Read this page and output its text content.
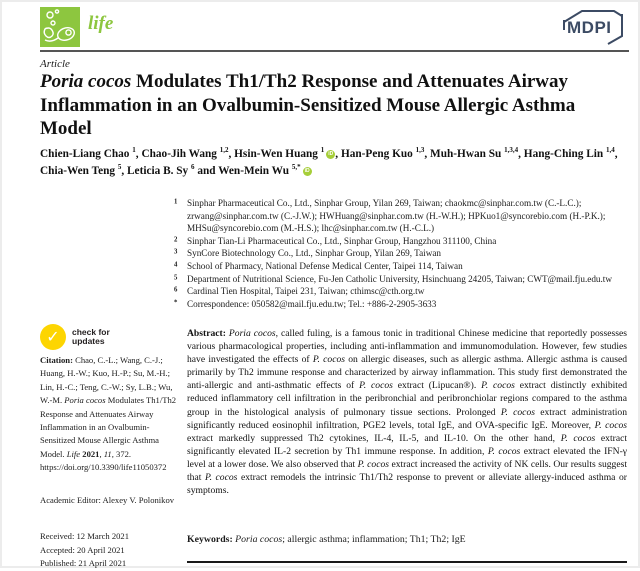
life	MDPI
Article
Poria cocos Modulates Th1/Th2 Response and Attenuates Airway Inflammation in an Ovalbumin-Sensitized Mouse Allergic Asthma Model
Chien-Liang Chao $^1$, Chao-Jih Wang $^{1,2}$, Hsin-Wen Huang $^1$ iD , Han-Peng Kuo $^{1,3}$, Muh-Hwan Su $^{1,3,4}$, Hang-Ching Lin $^{1,4}$, Chia-Wen Teng $^5$, Leticia B. Sy $^6$ and Wen-Mein Wu $^{5,*}$ iD
1	Sinphar Pharmaceutical Co., Ltd., Sinphar Group, Yilan 269, Taiwan; chaokmc@sinphar.com.tw (C.-L.C.); zrwang@sinphar.com.tw (C.-J.W.); HWHuang@sinphar.com.tw (H.-W.H.); HPKuo1@syncorebio.com (H.-P.K.); MHSu@syncorebio.com (M.-H.S.); lhc@sinphar.com.tw (H.-C.L.)
2	Sinphar Tian-Li Pharmaceutical Co., Ltd., Sinphar Group, Hangzhou 311100, China
3	SynCore Biotechnology Co., Ltd., Sinphar Group, Yilan 269, Taiwan
4	School of Pharmacy, National Defense Medical Center, Taipei 114, Taiwan
5	Department of Nutritional Science, Fu-Jen Catholic University, Hsinchuang 24205, Taiwan; CWT@mail.fju.edu.tw
6	Cardinal Tien Hospital, Taipei 231, Taiwan; cthimsc@cth.org.tw
*	Correspondence: 050582@mail.fju.edu.tw; Tel.: +886-2-2905-3633
✓	check for
updates
Citation: Chao, C.-L.; Wang, C.-J.; Huang, H.-W.; Kuo, H.-P.; Su, M.-H.; Lin, H.-C.; Teng, C.-W.; Sy, L.B.; Wu, W.-M. Poria cocos Modulates Th1/Th2 Response and Attenuates Airway Inflammation in an Ovalbumin-Sensitized Mouse Allergic Asthma Model. Life 2021, 11, 372. https://doi.org/10.3390/life11050372
Academic Editor: Alexey V. Polonikov
Received: 12 March 2021
Accepted: 20 April 2021
Published: 21 April 2021
Abstract: Poria cocos, called fuling, is a famous tonic in traditional Chinese medicine that reportedly possesses various pharmacological properties, including anti-inflammation and immunomodulation. However, few studies have investigated the effects of P. cocos on allergic diseases, such as allergic asthma. Allergic asthma is caused primarily by Th2 immune response and characterized by airway inflammation. This study first demonstrated the anti-allergic and anti-asthmatic effects of P. cocos extract (Lipucan®). P. cocos extract distinctly exhibited reduced inflammatory cell infiltration in the peribronchial and peribronchiolar regions compared to the asthma group in the histological analysis of pulmonary tissue sections. Prolonged P. cocos extract administration significantly reduced eosinophil infiltration, PGE2 levels, total IgE, and OVA-specific IgE. Moreover, P. cocos extract markedly suppressed Th2 cytokines, IL-4, IL-5, and IL-10. On the other hand, P. cocos extract significantly elevated IL-2 secretion by Th1 immune response. In addition, P. cocos extract elevated the IFN-γ level at a lower dose. We also observed that P. cocos extract increased the activity of NK cells. Our results suggest that P. cocos extract remodels the intrinsic Th1/Th2 response to prevent or alleviate allergy-induced asthma or symptoms.
Keywords: Poria cocos; allergic asthma; inflammation; Th1; Th2; IgE
